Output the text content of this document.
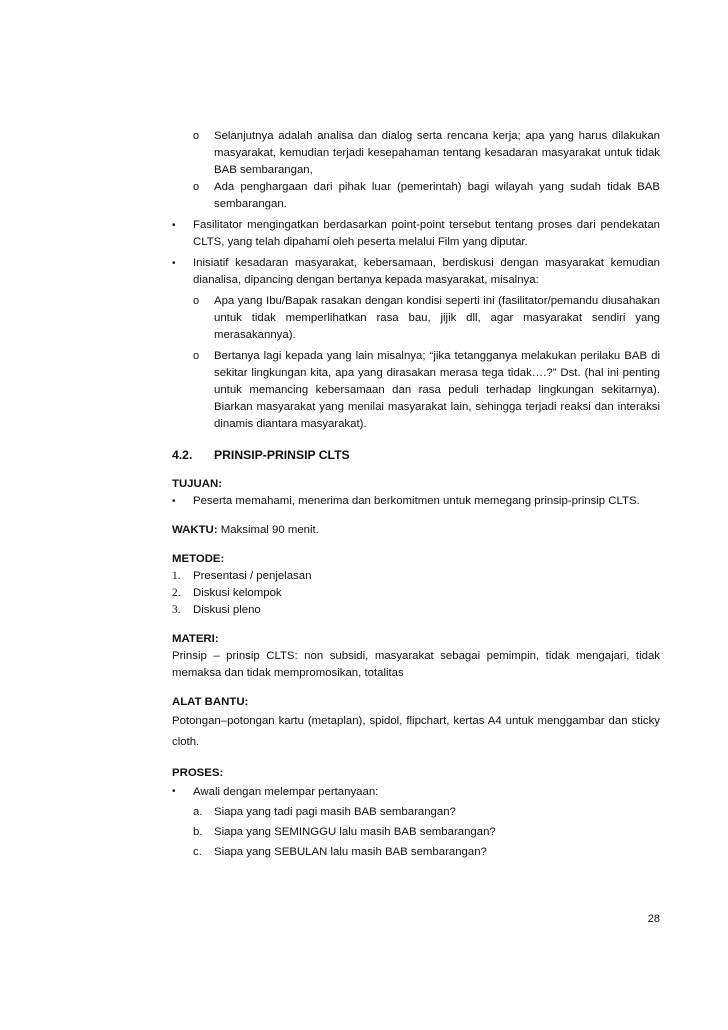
o Selanjutnya adalah analisa dan dialog serta rencana kerja; apa yang harus dilakukan masyarakat, kemudian terjadi kesepahaman tentang kesadaran masyarakat untuk tidak BAB sembarangan,

o Ada penghargaan dari pihak luar (pemerintah) bagi wilayah yang sudah tidak BAB sembarangan.

• Fasilitator mengingatkan berdasarkan point-point tersebut tentang proses dari pendekatan CLTS, yang telah dipahami oleh peserta melalui Film yang diputar.

• Inisiatif kesadaran masyarakat, kebersamaan, berdiskusi dengan masyarakat kemudian dianalisa, dipancing dengan bertanya kepada masyarakat, misalnya:

o Apa yang Ibu/Bapak rasakan dengan kondisi seperti ini (fasilitator/pemandu diusahakan untuk tidak memperlihatkan rasa bau, jijik dll, agar masyarakat sendiri yang merasakannya).

o Bertanya lagi kepada yang lain misalnya; “jika tetangganya melakukan perilaku BAB di sekitar lingkungan kita, apa yang dirasakan merasa tega tidak….?” Dst. (hal ini penting untuk memancing kebersamaan dan rasa peduli terhadap lingkungan sekitarnya). Biarkan masyarakat yang menilai masyarakat lain, sehingga terjadi reaksi dan interaksi dinamis diantara masyarakat).

4.2.	PRINSIP-PRINSIP CLTS

TUJUAN:

• Peserta memahami, menerima dan berkomitmen untuk memegang prinsip-prinsip CLTS.

WAKTU: Maksimal 90 menit.

METODE:

1. Presentasi / penjelasan

2. Diskusi kelompok

3. Diskusi pleno

MATERI:

Prinsip – prinsip CLTS: non subsidi, masyarakat sebagai pemimpin, tidak mengajari, tidak memaksa dan tidak mempromosikan, totalitas

ALAT BANTU:

Potongan–potongan kartu (metaplan), spidol, flipchart, kertas A4 untuk menggambar dan sticky cloth.

PROSES:

• Awali dengan melempar pertanyaan:

a. Siapa yang tadi pagi masih BAB sembarangan?

b. Siapa yang SEMINGGU lalu masih BAB sembarangan?

c. Siapa yang SEBULAN lalu masih BAB sembarangan?

28
